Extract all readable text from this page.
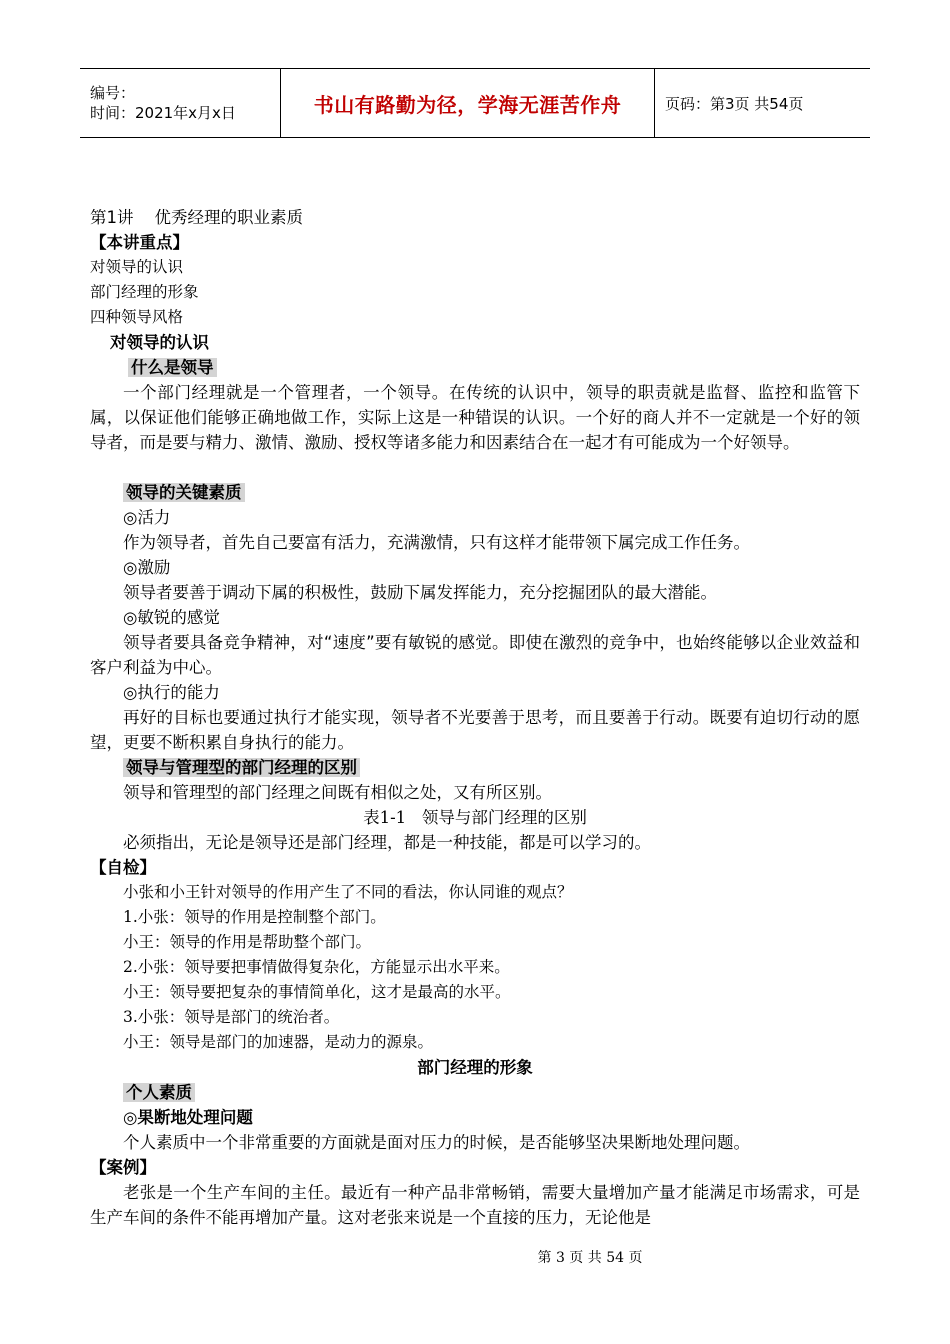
编号：
时间：2021年x月x日	书山有路勤为径，学海无涯苦作舟	页码：第3页 共54页
第1讲    优秀经理的职业素质
【本讲重点】
对领导的认识
部门经理的形象
四种领导风格
对领导的认识
什么是领导

一个部门经理就是一个管理者，一个领导。在传统的认识中，领导的职责就是监督、监控和监管下属，以保证他们能够正确地做工作，实际上这是一种错误的认识。一个好的商人并不一定就是一个好的领导者，而是要与精力、激情、激励、授权等诸多能力和因素结合在一起才有可能成为一个好领导。

领导的关键素质
◎活力
作为领导者，首先自己要富有活力，充满激情，只有这样才能带领下属完成工作任务。
◎激励
领导者要善于调动下属的积极性，鼓励下属发挥能力，充分挖掘团队的最大潜能。
◎敏锐的感觉

领导者要具备竞争精神，对“速度”要有敏锐的感觉。即使在激烈的竞争中，也始终能够以企业效益和客户利益为中心。

◎执行的能力

再好的目标也要通过执行才能实现，领导者不光要善于思考，而且要善于行动。既要有迫切行动的愿望，更要不断积累自身执行的能力。

领导与管理型的部门经理的区别
领导和管理型的部门经理之间既有相似之处，又有所区别。
表1-1   领导与部门经理的区别
必须指出，无论是领导还是部门经理，都是一种技能，都是可以学习的。
【自检】
小张和小王针对领导的作用产生了不同的看法，你认同谁的观点？
1.小张：领导的作用是控制整个部门。
小王：领导的作用是帮助整个部门。
2.小张：领导要把事情做得复杂化，方能显示出水平来。
小王：领导要把复杂的事情简单化，这才是最高的水平。
3.小张：领导是部门的统治者。
小王：领导是部门的加速器，是动力的源泉。
部门经理的形象
个人素质
◎果断地处理问题
个人素质中一个非常重要的方面就是面对压力的时候，是否能够坚决果断地处理问题。
【案例】

老张是一个生产车间的主任。最近有一种产品非常畅销，需要大量增加产量才能满足市场需求，可是生产车间的条件不能再增加产量。这对老张来说是一个直接的压力，无论他是

第 3 页 共 54 页
